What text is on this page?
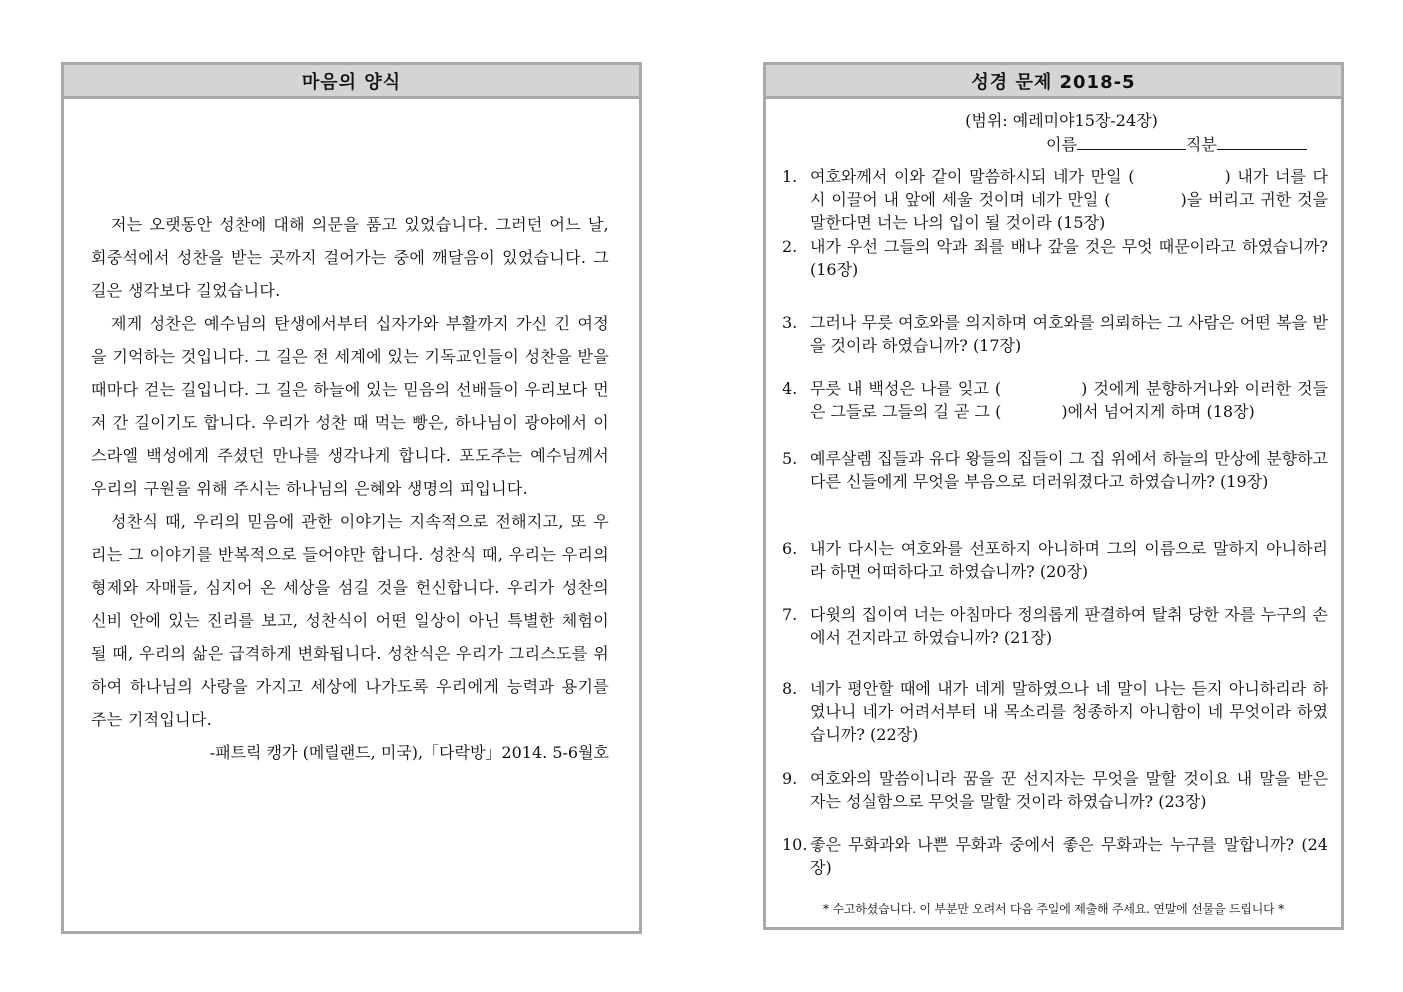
마음의 양식

저는 오랫동안 성찬에 대해 의문을 품고 있었습니다. 그러던 어느 날, 회중석에서 성찬을 받는 곳까지 걸어가는 중에 깨달음이 있었습니다. 그 길은 생각보다 길었습니다.

제게 성찬은 예수님의 탄생에서부터 십자가와 부활까지 가신 긴 여정을 기억하는 것입니다. 그 길은 전 세계에 있는 기독교인들이 성찬을 받을 때마다 걷는 길입니다. 그 길은 하늘에 있는 믿음의 선배들이 우리보다 먼저 간 길이기도 합니다. 우리가 성찬 때 먹는 빵은, 하나님이 광야에서 이스라엘 백성에게 주셨던 만나를 생각나게 합니다. 포도주는 예수님께서 우리의 구원을 위해 주시는 하나님의 은혜와 생명의 피입니다.

성찬식 때, 우리의 믿음에 관한 이야기는 지속적으로 전해지고, 또 우리는 그 이야기를 반복적으로 들어야만 합니다. 성찬식 때, 우리는 우리의 형제와 자매들, 심지어 온 세상을 섬길 것을 헌신합니다. 우리가 성찬의 신비 안에 있는 진리를 보고, 성찬식이 어떤 일상이 아닌 특별한 체험이 될 때, 우리의 삶은 급격하게 변화됩니다. 성찬식은 우리가 그리스도를 위하여 하나님의 사랑을 가지고 세상에 나가도록 우리에게 능력과 용기를 주는 기적입니다.

-패트릭 캥가 (메릴랜드, 미국),「다락방」2014. 5-6월호
성경 문제 2018-5
(범위: 예레미야15장-24장)
이름	직분
1. 여호와께서 이와 같이 말씀하시되 네가 만일 (	) 내가 너를 다시 이끌어 내 앞에 세울 것이며 네가 만일 (	)을 버리고 귀한 것을 말한다면 너는 나의 입이 될 것이라 (15장)
2. 내가 우선 그들의 악과 죄를 배나 갚을 것은 무엇 때문이라고 하였습니까? (16장)
3. 그러나 무릇 여호와를 의지하며 여호와를 의뢰하는 그 사람은 어떤 복을 받을 것이라 하였습니까? (17장)
4. 무릇 내 백성은 나를 잊고 (	) 것에게 분향하거나와 이러한 것들은 그들로 그들의 길 곧 그 (	)에서 넘어지게 하며 (18장)
5. 예루살렘 집들과 유다 왕들의 집들이 그 집 위에서 하늘의 만상에 분향하고 다른 신들에게 무엇을 부음으로 더러워졌다고 하였습니까? (19장)
6. 내가 다시는 여호와를 선포하지 아니하며 그의 이름으로 말하지 아니하리라 하면 어떠하다고 하였습니까? (20장)
7. 다윗의 집이여 너는 아침마다 정의롭게 판결하여 탈취 당한 자를 누구의 손에서 건지라고 하였습니까? (21장)
8. 네가 평안할 때에 내가 네게 말하였으나 네 말이 나는 듣지 아니하리라 하였나니 네가 어려서부터 내 목소리를 청종하지 아니함이 네 무엇이라 하였습니까? (22장)
9. 여호와의 말씀이니라 꿈을 꾼 선지자는 무엇을 말할 것이요 내 말을 받은 자는 성실함으로 무엇을 말할 것이라 하였습니까? (23장)
10. 좋은 무화과와 나쁜 무화과 중에서 좋은 무화과는 누구를 말합니까? (24장)
* 수고하셨습니다. 이 부분만 오려서 다음 주일에 제출해 주세요. 연말에 선물을 드립니다 *
